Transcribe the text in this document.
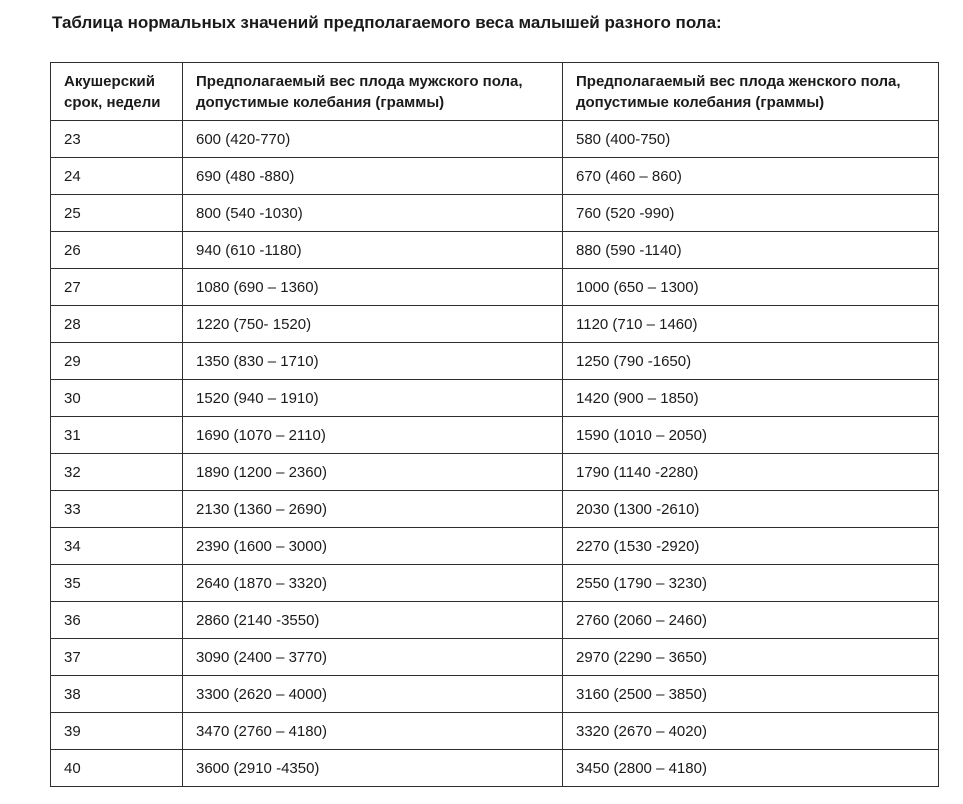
Таблица нормальных значений предполагаемого веса малышей разного пола:
Акушерский срок, недели	Предполагаемый вес плода мужского пола, допустимые колебания (граммы)	Предполагаемый вес плода женского пола, допустимые колебания (граммы)
23	600 (420-770)	580 (400-750)
24	690 (480 -880)	670 (460 – 860)
25	800 (540 -1030)	760 (520 -990)
26	940 (610 -1180)	880 (590 -1140)
27	1080 (690 – 1360)	1000 (650 – 1300)
28	1220 (750- 1520)	1120 (710 – 1460)
29	1350 (830 – 1710)	1250 (790 -1650)
30	1520 (940 – 1910)	1420 (900 – 1850)
31	1690 (1070 – 2110)	1590 (1010 – 2050)
32	1890 (1200 – 2360)	1790 (1140 -2280)
33	2130 (1360 – 2690)	2030 (1300 -2610)
34	2390 (1600 – 3000)	2270 (1530 -2920)
35	2640 (1870 – 3320)	2550 (1790 – 3230)
36	2860 (2140 -3550)	2760 (2060 – 2460)
37	3090 (2400 – 3770)	2970 (2290 – 3650)
38	3300 (2620 – 4000)	3160 (2500 – 3850)
39	3470 (2760 – 4180)	3320 (2670 – 4020)
40	3600 (2910 -4350)	3450 (2800 – 4180)
